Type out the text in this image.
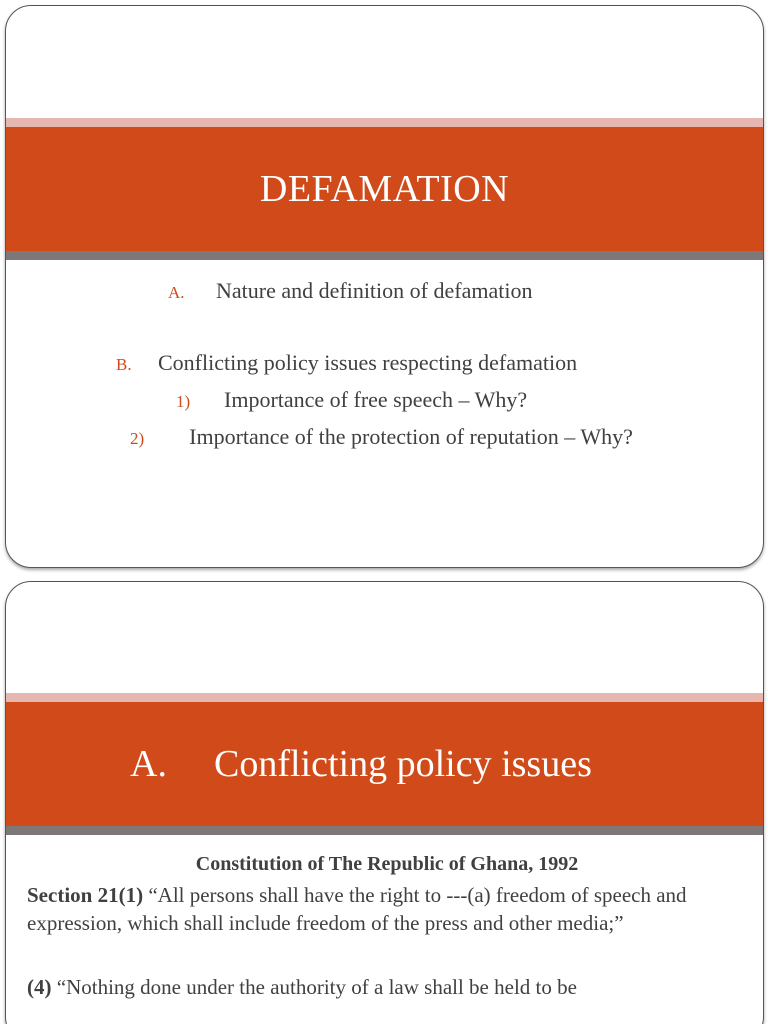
DEFAMATION
A.	Nature and definition of defamation
B.	Conflicting policy issues respecting defamation
1)	Importance of free speech – Why?
2)	Importance of the protection of reputation – Why?
A.	Conflicting policy issues
Constitution of The Republic of Ghana, 1992

Section 21(1) “All persons shall have the right to ---(a) freedom of speech and expression, which shall include freedom of the press and other media;”

(4) “Nothing done under the authority of a law shall be held to be
